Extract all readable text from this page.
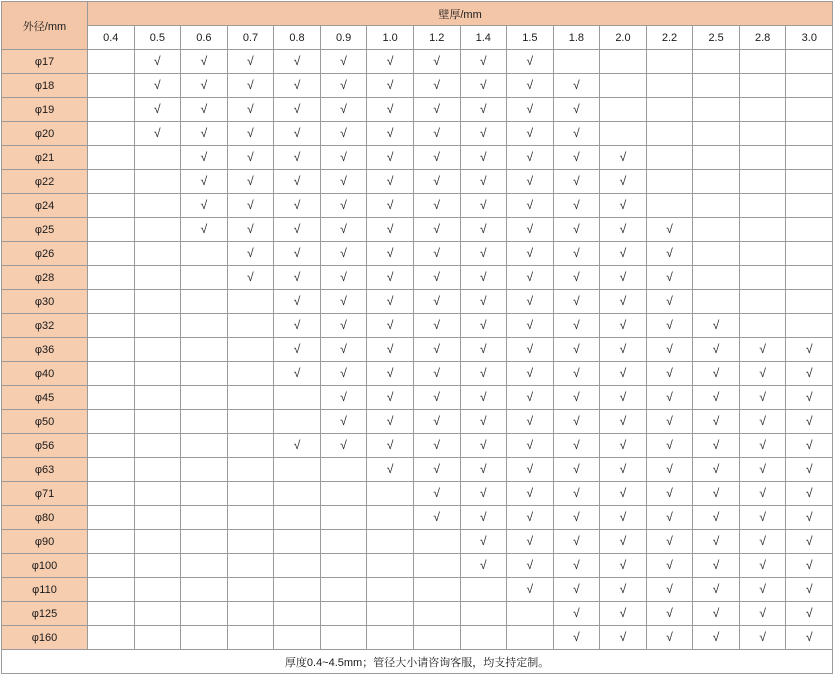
外径/mm	壁厚/mm															
	0.4	0.5	0.6	0.7	0.8	0.9	1.0	1.2	1.4	1.5	1.8	2.0	2.2	2.5	2.8	3.0
φ17		√	√	√	√	√	√	√	√	√						
φ18		√	√	√	√	√	√	√	√	√	√					
φ19		√	√	√	√	√	√	√	√	√	√					
φ20		√	√	√	√	√	√	√	√	√	√					
φ21			√	√	√	√	√	√	√	√	√	√				
φ22			√	√	√	√	√	√	√	√	√	√				
φ24			√	√	√	√	√	√	√	√	√	√				
φ25			√	√	√	√	√	√	√	√	√	√	√			
φ26				√	√	√	√	√	√	√	√	√	√			
φ28				√	√	√	√	√	√	√	√	√	√			
φ30					√	√	√	√	√	√	√	√	√			
φ32					√	√	√	√	√	√	√	√	√	√		
φ36					√	√	√	√	√	√	√	√	√	√	√	√
φ40					√	√	√	√	√	√	√	√	√	√	√	√
φ45						√	√	√	√	√	√	√	√	√	√	√
φ50						√	√	√	√	√	√	√	√	√	√	√
φ56					√	√	√	√	√	√	√	√	√	√	√	√
φ63							√	√	√	√	√	√	√	√	√	√
φ71								√	√	√	√	√	√	√	√	√
φ80								√	√	√	√	√	√	√	√	√
φ90									√	√	√	√	√	√	√	√
φ100									√	√	√	√	√	√	√	√
φ110										√	√	√	√	√	√	√
φ125											√	√	√	√	√	√
φ160											√	√	√	√	√	√
厚度0.4~4.5mm；管径大小请咨询客服，均支持定制。																
